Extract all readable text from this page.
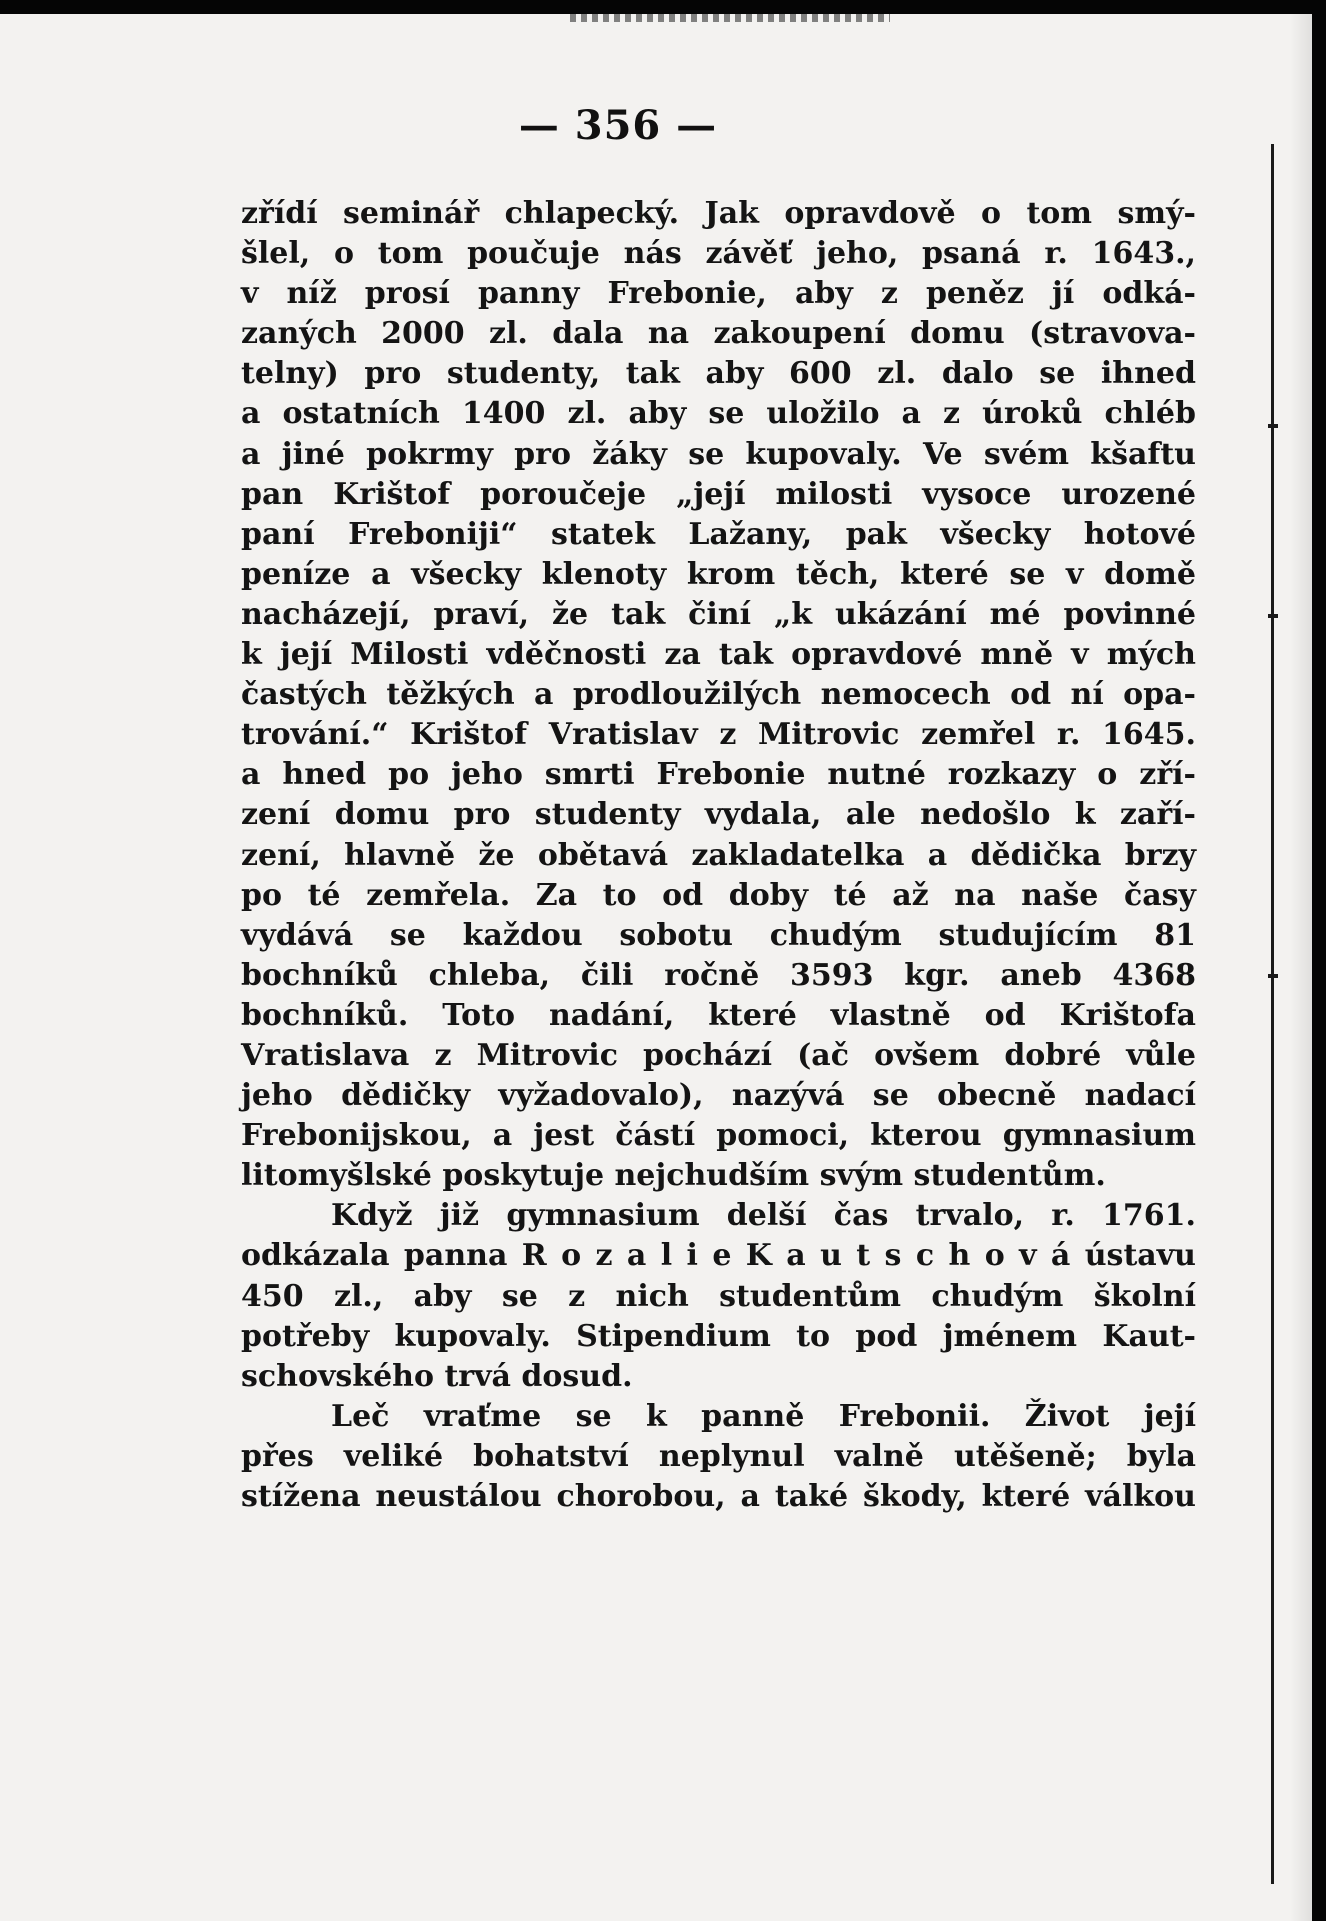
— 356 —
zřídí seminář chlapecký. Jak opravdově o tom smý-
šlel, o tom poučuje nás závěť jeho, psaná r. 1643.,
v níž prosí panny Frebonie, aby z peněz jí odká-
zaných 2000 zl. dala na zakoupení domu (stravova-
telny) pro studenty, tak aby 600 zl. dalo se ihned
a ostatních 1400 zl. aby se uložilo a z úroků chléb
a jiné pokrmy pro žáky se kupovaly. Ve svém kšaftu
pan Krištof poroučeje „její milosti vysoce urozené
paní Freboniji“ statek Lažany, pak všecky hotové
peníze a všecky klenoty krom těch, které se v domě
nacházejí, praví, že tak činí „k ukázání mé povinné
k její Milosti vděčnosti za tak opravdové mně v mých
častých těžkých a prodloužilých nemocech od ní opa-
trování.“ Krištof Vratislav z Mitrovic zemřel r. 1645.
a hned po jeho smrti Frebonie nutné rozkazy o zří-
zení domu pro studenty vydala, ale nedošlo k zaří-
zení, hlavně že obětavá zakladatelka a dědička brzy
po té zemřela. Za to od doby té až na naše časy
vydává se každou sobotu chudým studujícím 81
bochníků chleba, čili ročně 3593 kgr. aneb 4368
bochníků. Toto nadání, které vlastně od Krištofa
Vratislava z Mitrovic pochází (ač ovšem dobré vůle
jeho dědičky vyžadovalo), nazývá se obecně nadací
Frebonijskou, a jest částí pomoci, kterou gymnasium
litomyšlské poskytuje nejchudším svým studentům.
Když již gymnasium delší čas trvalo, r. 1761.
odkázala panna R o z a l i e K a u t s c h o v á ústavu
450 zl., aby se z nich studentům chudým školní
potřeby kupovaly. Stipendium to pod jménem Kaut-
schovského trvá dosud.
Leč vraťme se k panně Frebonii. Život její
přes veliké bohatství neplynul valně utěšeně; byla
stížena neustálou chorobou, a také škody, které válkou
